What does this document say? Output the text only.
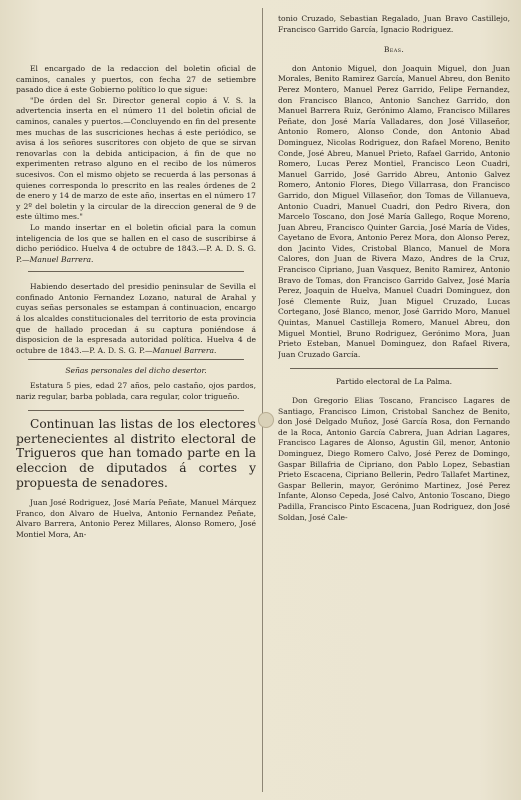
El encargado de la redaccion del boletin oficial de caminos, canales y puertos, con fecha 27 de setiembre pasado dice á este Gobierno político lo que sigue:

"De órden del Sr. Director general copio á V. S. la advertencia inserta en el número 11 del boletin oficial de caminos, canales y puertos.—Concluyendo en fin del presente mes muchas de las suscriciones hechas á este periódico, se avisa á los señores suscritores con objeto de que se sirvan renovarlas con la debida anticipacion, á fin de que no experimenten retraso alguno en el recibo de los números sucesivos. Con el mismo objeto se recuerda á las personas á quienes corresponda lo prescrito en las reales órdenes de 2 de enero y 14 de marzo de este año, insertas en el número 17 y 2º del boletin y la circular de la direccion general de 9 de este último mes."

Lo mando insertar en el boletin oficial para la comun inteligencia de los que se hallen en el caso de suscribirse á dicho periódico. Huelva 4 de octubre de 1843.—P. A. D. S. G. P.—Manuel Barrera.

Habiendo desertado del presidio peninsular de Sevilla el confinado Antonio Fernandez Lozano, natural de Arahal y cuyas señas personales se estampan á continuacion, encargo á los alcaldes constitucionales del territorio de esta provincia que de hallado procedan á su captura poniéndose á disposicion de la espresada autoridad política. Huelva 4 de octubre de 1843.—P. A. D. S. G. P.—Manuel Barrera.

Señas personales del dicho desertor.

Estatura 5 pies, edad 27 años, pelo castaño, ojos pardos, nariz regular, barba poblada, cara regular, color trigueño.

Continuan las listas de los electores pertenecientes al distrito electoral de Trigueros que han tomado parte en la eleccion de diputados á cortes y propuesta de senadores.

Juan José Rodriguez, José María Peñate, Manuel Márquez Franco, don Alvaro de Huelva, Antonio Fernandez Peñate, Alvaro Barrera, Antonio Perez Millares, Alonso Romero, José Montiel Mora, An-

tonio Cruzado, Sebastian Regalado, Juan Bravo Castillejo, Francisco Garrido García, Ignacio Rodriguez.

Beas.

don Antonio Miguel, don Joaquin Miguel, don Juan Morales, Benito Ramirez García, Manuel Abreu, don Benito Perez Montero, Manuel Perez Garrido, Felipe Fernandez, don Francisco Blanco, Antonio Sanchez Garrido, don Manuel Barrera Ruiz, Gerónimo Alamo, Francisco Millares Peñate, don José María Valladares, don José Villaseñor, Antonio Romero, Alonso Conde, don Antonio Abad Dominguez, Nicolas Rodriguez, don Rafael Moreno, Benito Conde, José Abreu, Manuel Prieto, Rafael Garrido, Antonio Romero, Lucas Perez Montiel, Francisco Leon Cuadri, Manuel Garrido, José Garrido Abreu, Antonio Galvez Romero, Antonio Flores, Diego Villarrasa, don Francisco Garrido, don Miguel Villaseñor, don Tomas de Villanueva, Antonio Cuadri, Manuel Cuadri, don Pedro Rivera, don Marcelo Toscano, don José María Gallego, Roque Moreno, Juan Abreu, Francisco Quinter Garcia, José María de Vides, Cayetano de Evora, Antonio Perez Mora, don Alonso Perez, don Jacinto Vides, Cristobal Blanco, Manuel de Mora Calores, don Juan de Rivera Mazo, Andres de la Cruz, Francisco Cipriano, Juan Vasquez, Benito Ramirez, Antonio Bravo de Tomas, don Francisco Garrido Galvez, José María Perez, Joaquin de Huelva, Manuel Cuadri Dominguez, don José Clemente Ruiz, Juan Miguel Cruzado, Lucas Cortegano, José Blanco, menor, José Garrido Moro, Manuel Quintas, Manuel Castilleja Romero, Manuel Abreu, don Miguel Montiel, Bruno Rodriguez, Gerónimo Mora, Juan Prieto Esteban, Manuel Dominguez, don Rafael Rivera, Juan Cruzado García.

Partido electoral de La Palma.

Don Gregorio Elias Toscano, Francisco Lagares de Santiago, Francisco Limon, Cristobal Sanchez de Benito, don José Delgado Muñoz, José García Rosa, don Fernando de la Roca, Antonio García Cabrera, Juan Adrian Lagares, Francisco Lagares de Alonso, Agustin Gil, menor, Antonio Dominguez, Diego Romero Calvo, José Perez de Domingo, Gaspar Billafria de Cipriano, don Pablo Lopez, Sebastian Prieto Escacena, Cipriano Bellerin, Pedro Tallafet Martinez, Gaspar Bellerin, mayor, Gerónimo Martinez, José Perez Infante, Alonso Cepeda, José Calvo, Antonio Toscano, Diego Padilla, Francisco Pinto Escacena, Juan Rodriguez, don José Soldan, José Cale-
